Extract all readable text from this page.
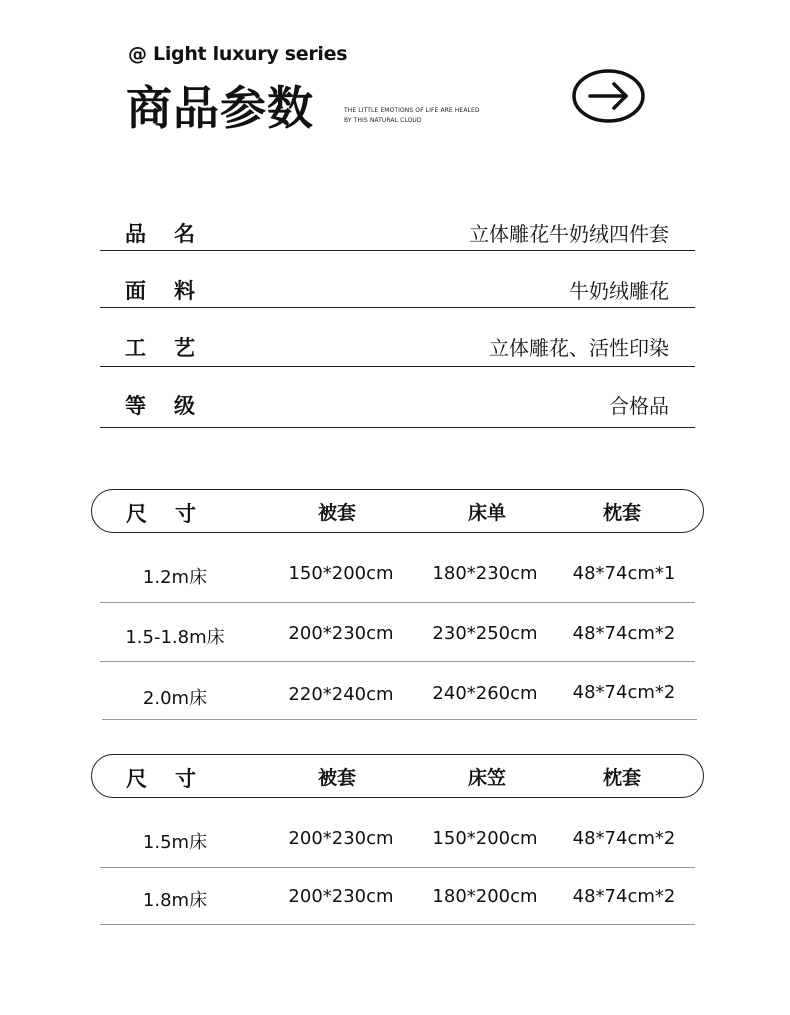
@ Light luxury series
商品参数	THE LITTLE EMOTIONS OF LIFE ARE HEALED
BY THIS NATURAL CLOUD
品 名	立体雕花牛奶绒四件套
面 料	牛奶绒雕花
工 艺	立体雕花、活性印染
等 级	合格品
尺 寸	被套	床单	枕套
1.2m床	150*200cm	180*230cm	48*74cm*1
1.5-1.8m床	200*230cm	230*250cm	48*74cm*2
2.0m床	220*240cm	240*260cm	48*74cm*2
尺 寸	被套	床笠	枕套
1.5m床	200*230cm	150*200cm	48*74cm*2
1.8m床	200*230cm	180*200cm	48*74cm*2
